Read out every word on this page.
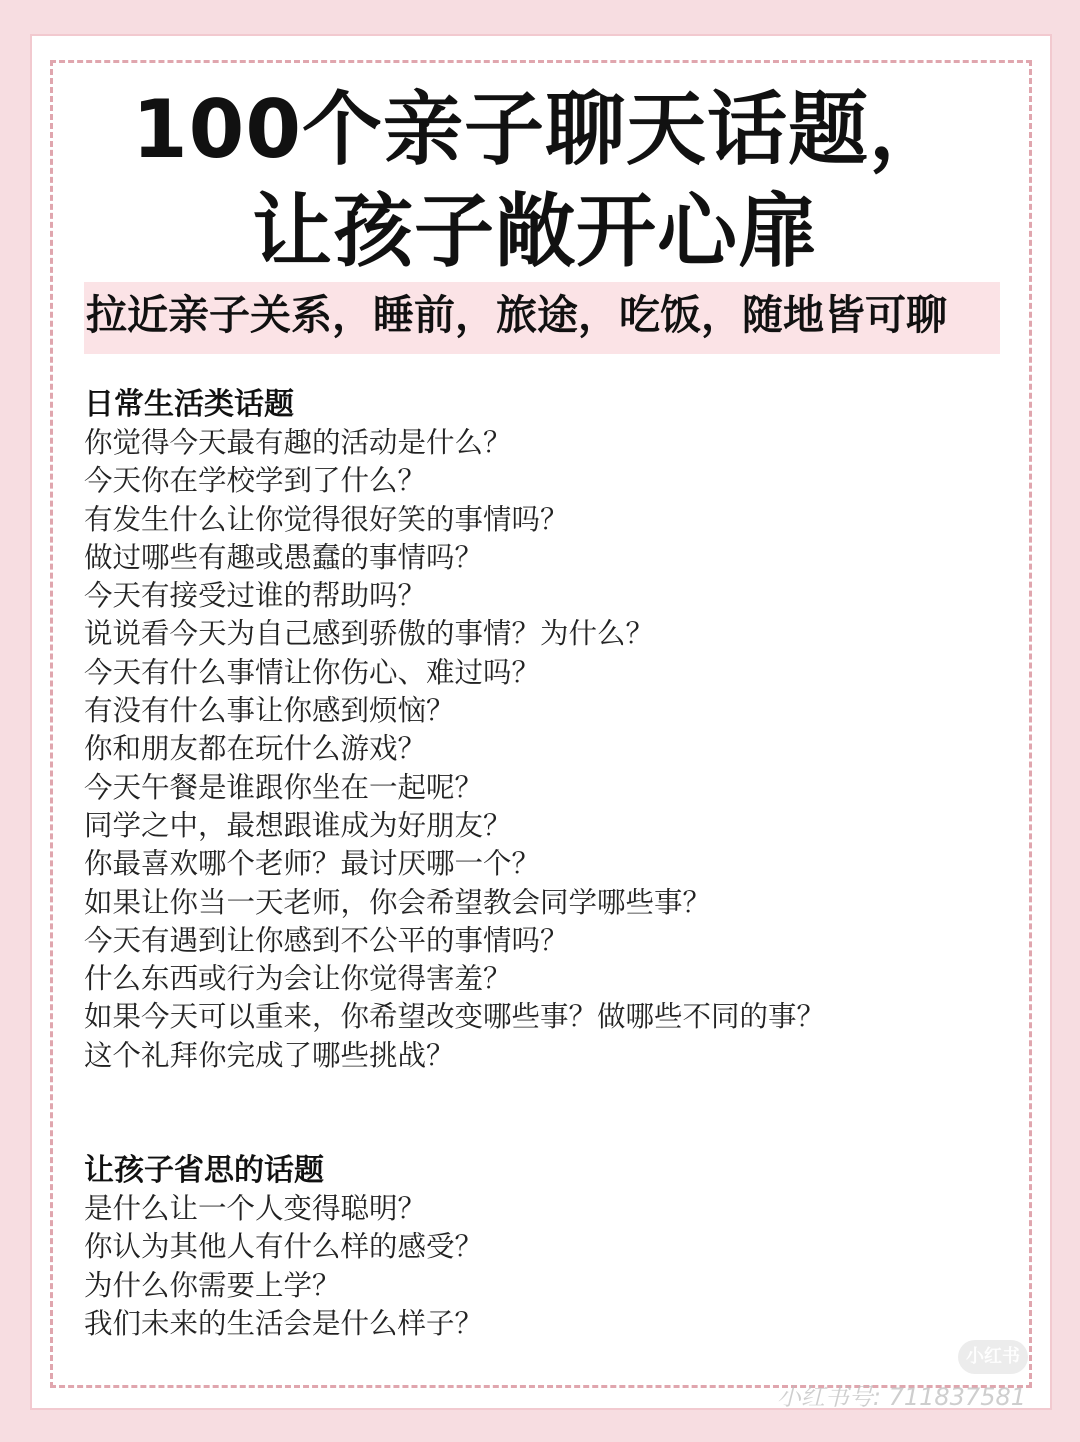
100个亲子聊天话题，
让孩子敞开心扉
拉近亲子关系，睡前，旅途，吃饭，随地皆可聊
日常生活类话题
你觉得今天最有趣的活动是什么？
今天你在学校学到了什么？
有发生什么让你觉得很好笑的事情吗？
做过哪些有趣或愚蠢的事情吗？
今天有接受过谁的帮助吗？
说说看今天为自己感到骄傲的事情？为什么？
今天有什么事情让你伤心、难过吗？
有没有什么事让你感到烦恼？
你和朋友都在玩什么游戏？
今天午餐是谁跟你坐在一起呢？
同学之中，最想跟谁成为好朋友？
你最喜欢哪个老师？最讨厌哪一个？
如果让你当一天老师，你会希望教会同学哪些事？
今天有遇到让你感到不公平的事情吗？
什么东西或行为会让你觉得害羞？
如果今天可以重来，你希望改变哪些事？做哪些不同的事？
这个礼拜你完成了哪些挑战？
让孩子省思的话题
是什么让一个人变得聪明？
你认为其他人有什么样的感受？
为什么你需要上学？
我们未来的生活会是什么样子？
小红书
小红书号: 711837581
